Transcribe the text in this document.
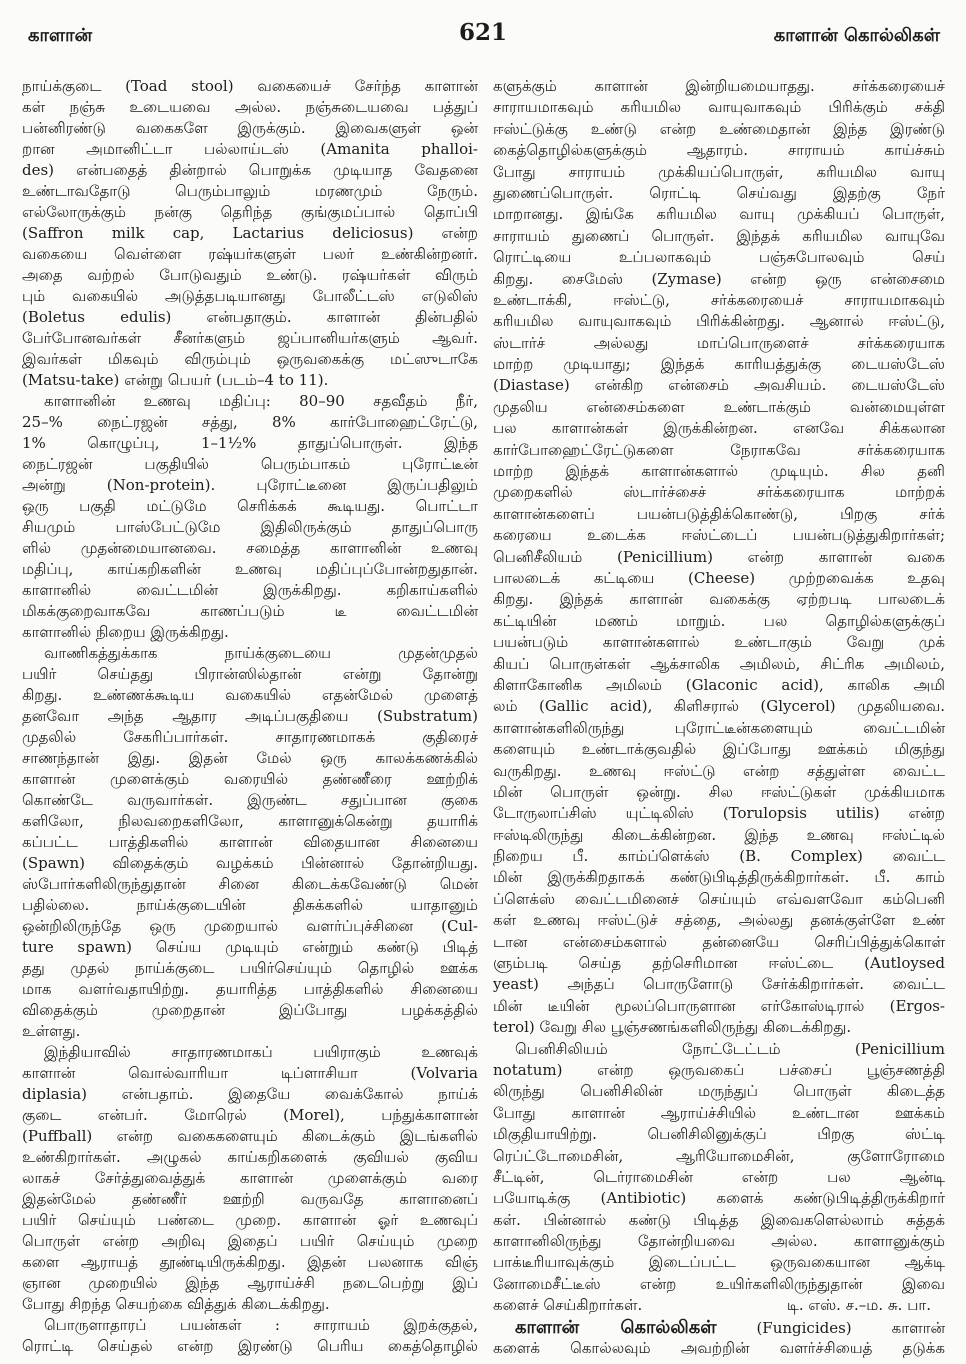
காளான்	621	காளான் கொல்லிகள்
நாய்க்குடை (Toad stool) வகையைச் சேர்ந்த காளான்
கள் நஞ்சு உடையவை அல்ல. நஞ்சுடையவை பத்துப்
பன்னிரண்டு வகைகளே இருக்கும். இவைகளுள் ஒன்
றான அமானிட்டா பல்லாய்டஸ் (Amanita phalloi-
des) என்பதைத் தின்றால் பொறுக்க முடியாத வேதனை
உண்டாவதோடு பெரும்பாலும் மரணமும் நேரும்.
எல்லோருக்கும் நன்கு தெரிந்த குங்குமப்பால் தொப்பி
(Saffron milk cap, Lactarius deliciosus) என்ற
வகையை வெள்ளை ரஷ்யர்களுள் பலர் உண்கின்றனர்.
அதை வற்றல் போடுவதும் உண்டு. ரஷ்யர்கள் விரும்
பும் வகையில் அடுத்தபடியானது போலீட்டஸ் எடுலிஸ்
(Boletus edulis) என்பதாகும். காளான் தின்பதில்
பேர்போனவர்கள் சீனர்களும் ஜப்பானியர்களும் ஆவர்.
இவர்கள் மிகவும் விரும்பும் ஒருவகைக்கு மட்ஸுடாகே
(Matsu-take) என்று பெயர் (படம்–4 to 11).
காளானின் உணவு மதிப்பு: 80–90 சதவீதம் நீர்,
25–% நைட்ரஜன் சத்து, 8% கார்போஹைட்ரேட்டு,
1% கொழுப்பு, 1–1½% தாதுப்பொருள். இந்த
நைட்ரஜன் பகுதியில் பெரும்பாகம் புரோட்டீன்
அன்று (Non-protein). புரோட்டீனை இருப்பதிலும்
ஒரு பகுதி மட்டுமே செரிக்கக் கூடியது. பொட்டா
சியமும் பாஸ்பேட்டுமே இதிலிருக்கும் தாதுப்பொரு
ளில் முதன்மையானவை. சமைத்த காளானின் உணவு
மதிப்பு, காய்கறிகளின் உணவு மதிப்புப்போன்றதுதான்.
காளானில் வைட்டமின் இருக்கிறது. கறிகாய்களில்
மிகக்குறைவாகவே காணப்படும் டீ வைட்டமின்
காளானில் நிறைய இருக்கிறது.
வாணிகத்துக்காக நாய்க்குடையை முதன்முதல்
பயிர் செய்தது பிரான்ஸில்தான் என்று தோன்று
கிறது. உண்ணக்கூடிய வகையில் எதன்மேல் முளைத்
தனவோ அந்த ஆதார அடிப்பகுதியை (Substratum)
முதலில் சேகரிப்பார்கள். சாதாரணமாகக் குதிரைச்
சாணந்தான் இது. இதன் மேல் ஒரு காலக்கணக்கில்
காளான் முளைக்கும் வரையில் தண்ணீரை ஊற்றிக்
கொண்டே வருவார்கள். இருண்ட சதுப்பான குகை
களிலோ, நிலவறைகளிலோ, காளானுக்கென்று தயாரிக்
கப்பட்ட பாத்திகளில் காளான் விதையான சினையை
(Spawn) விதைக்கும் வழக்கம் பின்னால் தோன்றியது.
ஸ்போர்களிலிருந்துதான் சினை கிடைக்கவேண்டு மென்
பதில்லை. நாய்க்குடையின் திசுக்களில் யாதானும்
ஒன்றிலிருந்தே ஒரு முறையால் வளர்ப்புச்சினை (Cul-
ture spawn) செய்ய முடியும் என்றும் கண்டு பிடித்
தது முதல் நாய்க்குடை பயிர்செய்யும் தொழில் ஊக்க
மாக வளர்வதாயிற்று. தயாரித்த பாத்திகளில் சினையை
விதைக்கும் முறைதான் இப்போது பழக்கத்தில்
உள்ளது.
இந்தியாவில் சாதாரணமாகப் பயிராகும் உணவுக்
காளான் வொல்வாரியா டிப்ளாசியா (Volvaria
diplasia) என்பதாம். இதையே வைக்கோல் நாய்க்
குடை என்பர். மோரெல் (Morel), பந்துக்காளான்
(Puffball) என்ற வகைகளையும் கிடைக்கும் இடங்களில்
உண்கிறார்கள். அழுகல் காய்கறிகளைக் குவியல் குவிய
லாகச் சேர்த்துவைத்துக் காளான் முளைக்கும் வரை
இதன்மேல் தண்ணீர் ஊற்றி வருவதே காளானைப்
பயிர் செய்யும் பண்டை முறை. காளான் ஓர் உணவுப்
பொருள் என்ற அறிவு இதைப் பயிர் செய்யும் முறை
களை ஆராயத் தூண்டியிருக்கிறது. இதன் பலனாக விஞ்
ஞான முறையில் இந்த ஆராய்ச்சி நடைபெற்று இப்
போது சிறந்த செயற்கை வித்துக் கிடைக்கிறது.
பொருளாதாரப் பயன்கள் : சாராயம் இறக்குதல்,
ரொட்டி செய்தல் என்ற இரண்டு பெரிய கைத்தொழில்
களுக்கும் காளான் இன்றியமையாதது. சர்க்கரையைச்
சாராயமாகவும் கரியமில வாயுவாகவும் பிரிக்கும் சக்தி
ஈஸ்ட்டுக்கு உண்டு என்ற உண்மைதான் இந்த இரண்டு
கைத்தொழில்களுக்கும் ஆதாரம். சாராயம் காய்ச்சும்
போது சாராயம் முக்கியப்பொருள், கரியமில வாயு
துணைப்பொருள். ரொட்டி செய்வது இதற்கு நேர்
மாறானது. இங்கே கரியமில வாயு முக்கியப் பொருள்,
சாராயம் துணைப் பொருள். இந்தக் கரியமில வாயுவே
ரொட்டியை உப்பலாகவும் பஞ்சுபோலவும் செய்
கிறது. சைமேஸ் (Zymase) என்ற ஒரு என்சைமை
உண்டாக்கி, ஈஸ்ட்டு, சர்க்கரையைச் சாராயமாகவும்
கரியமில வாயுவாகவும் பிரிக்கின்றது. ஆனால் ஈஸ்ட்டு,
ஸ்டார்ச் அல்லது மாப்பொருளைச் சர்க்கரையாக
மாற்ற முடியாது; இந்தக் காரியத்துக்கு டையஸ்டேஸ்
(Diastase) என்கிற என்சைம் அவசியம். டையஸ்டேஸ்
முதலிய என்சைம்களை உண்டாக்கும் வன்மையுள்ள
பல காளான்கள் இருக்கின்றன. எனவே சிக்கலான
கார்போஹைட்ரேட்டுகளை நேராகவே சர்க்கரையாக
மாற்ற இந்தக் காளான்களால் முடியும். சில தனி
முறைகளில் ஸ்டார்ச்சைச் சர்க்கரையாக மாற்றக்
காளான்களைப் பயன்படுத்திக்கொண்டு, பிறகு சர்க்
கரையை உடைக்க ஈஸ்ட்டைப் பயன்படுத்துகிறார்கள்;
பெனிசீலியம் (Penicillium) என்ற காளான் வகை
பாலடைக் கட்டியை (Cheese) முற்றவைக்க உதவு
கிறது. இந்தக் காளான் வகைக்கு ஏற்றபடி பாலடைக்
கட்டியின் மணம் மாறும். பல தொழில்களுக்குப்
பயன்படும் காளான்களால் உண்டாகும் வேறு முக்
கியப் பொருள்கள் ஆக்சாலிக அமிலம், சிட்ரிக அமிலம்,
கிளாகோனிக அமிலம் (Glaconic acid), காலிக அமி
லம் (Gallic acid), கிளிசரால் (Glycerol) முதலியவை.
காளான்களிலிருந்து புரோட்டீன்களையும் வைட்டமின்
களையும் உண்டாக்குவதில் இப்போது ஊக்கம் மிகுந்து
வருகிறது. உணவு ஈஸ்ட்டு என்ற சத்துள்ள வைட்ட
மின் பொருள் ஒன்று. சில ஈஸ்ட்டுகள் முக்கியமாக
டோருலாப்சிஸ் யுட்டிலிஸ் (Torulopsis utilis) என்ற
ஈஸ்டிலிருந்து கிடைக்கின்றன. இந்த உணவு ஈஸ்ட்டில்
நிறைய பீ. காம்ப்ளெக்ஸ் (B. Complex) வைட்ட
மின் இருக்கிறதாகக் கண்டுபிடித்திருக்கிறார்கள். பீ. காம்
ப்ளெக்ஸ் வைட்டமினைச் செய்யும் எவ்வளவோ கம்பெனி
கள் உணவு ஈஸ்ட்டுச் சத்தை, அல்லது தனக்குள்ளே உண்
டான என்சைம்களால் தன்னையே செரிப்பித்துக்கொள்
ளும்படி செய்த தற்செரிமான ஈஸ்ட்டை (Autloysed
yeast) அந்தப் பொருளோடு சேர்க்கிறார்கள். வைட்ட
மின் டீயின் மூலப்பொருளான எர்கோஸ்டிரால் (Ergos-
terol) வேறு சில பூஞ்சணங்களிலிருந்து கிடைக்கிறது.
பெனிசிலியம் நோட்டேட்டம் (Penicillium
notatum) என்ற ஒருவகைப் பச்சைப் பூஞ்சணத்தி
லிருந்து பெனிசிலின் மருந்துப் பொருள் கிடைத்த
போது காளான் ஆராய்ச்சியில் உண்டான ஊக்கம்
மிகுதியாயிற்று. பெனிசிலினுக்குப் பிறகு ஸ்ட்டி
ரெப்ட்டோமைசின், ஆரியோமைசின், குளோரோமை
சீட்டின், டெர்ராமைசின் என்ற பல ஆன்டி
பயோடிக்கு (Antibiotic) களைக் கண்டுபிடித்திருக்கிறார்
கள். பின்னால் கண்டு பிடித்த இவைகளெல்லாம் சுத்தக்
காளானிலிருந்து தோன்றியவை அல்ல. காளானுக்கும்
பாக்டீரியாவுக்கும் இடைப்பட்ட ஒருவகையான ஆக்டி
னோமைசீட்டீஸ் என்ற உயிர்களிலிருந்துதான் இவை
களைச் செய்கிறார்கள்.	டி. எஸ். ச.–ம. சு. பா.
காளான் கொல்லிகள்	(Fungicides) காளான்
களைக் கொல்லவும் அவற்றின் வளர்ச்சியைத் தடுக்க
